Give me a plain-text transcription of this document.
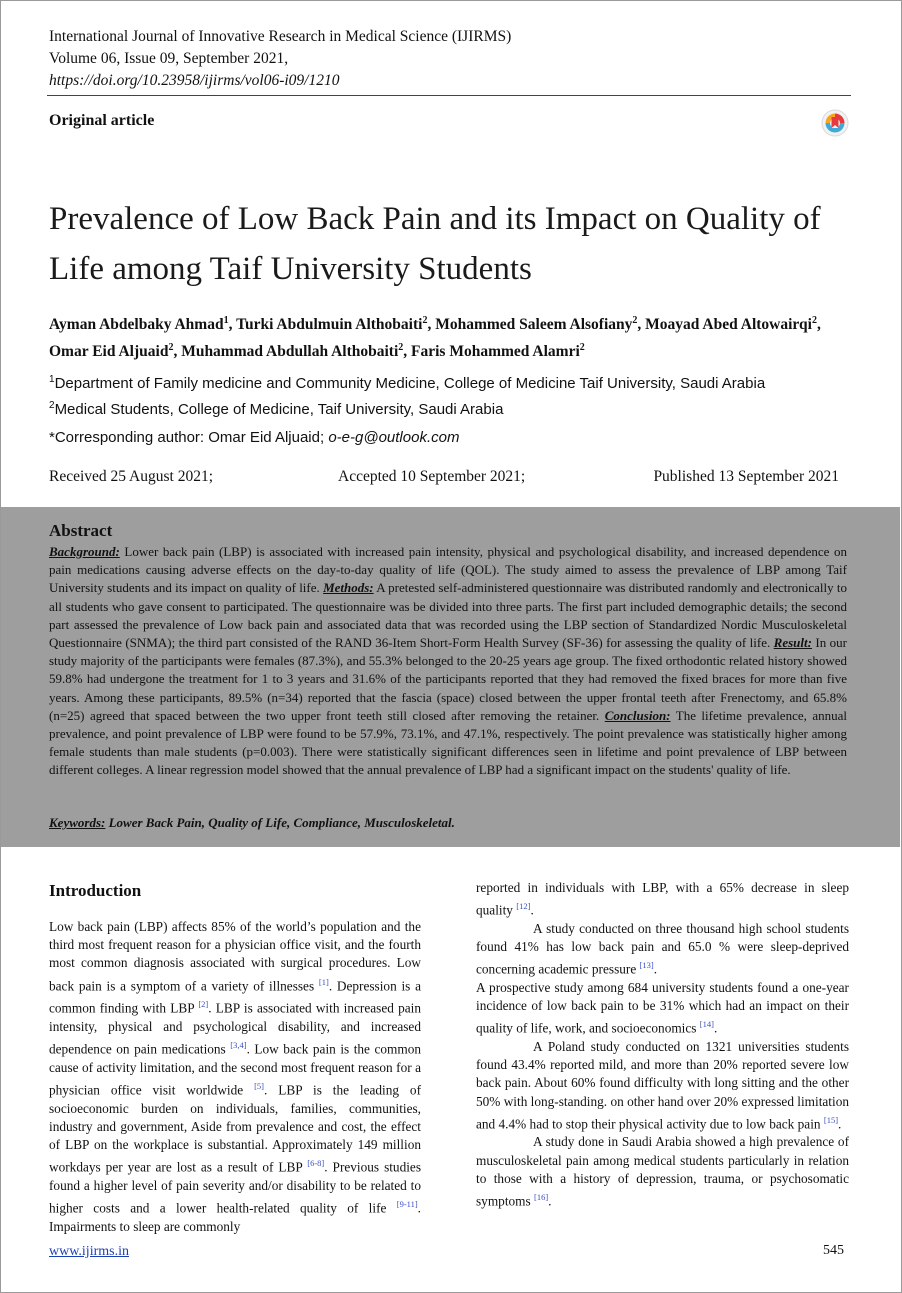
International Journal of Innovative Research in Medical Science (IJIRMS)
Volume 06, Issue 09, September 2021,
https://doi.org/10.23958/ijirms/vol06-i09/1210
Original article
Prevalence of Low Back Pain and its Impact on Quality of Life among Taif University Students
Ayman Abdelbaky Ahmad$^1$, Turki Abdulmuin Althobaiti$^2$, Mohammed Saleem Alsofiany$^2$, Moayad Abed Altowairqi$^2$, Omar Eid Aljuaid$^2$, Muhammad Abdullah Althobaiti$^2$, Faris Mohammed Alamri$^2$
$^1$Department of Family medicine and Community Medicine, College of Medicine Taif University, Saudi Arabia
$^2$Medical Students, College of Medicine, Taif University, Saudi Arabia
*Corresponding author: Omar Eid Aljuaid; o-e-g@outlook.com
Received 25 August 2021;	Accepted 10 September 2021;	Published 13 September 2021
Abstract
Background: Lower back pain (LBP) is associated with increased pain intensity, physical and psychological disability, and increased dependence on pain medications causing adverse effects on the day-to-day quality of life (QOL). The study aimed to assess the prevalence of LBP among Taif University students and its impact on quality of life. Methods: A pretested self-administered questionnaire was distributed randomly and electronically to all students who gave consent to participated. The questionnaire was be divided into three parts. The first part included demographic details; the second part assessed the prevalence of Low back pain and associated data that was recorded using the LBP section of Standardized Nordic Musculoskeletal Questionnaire (SNMA); the third part consisted of the RAND 36-Item Short-Form Health Survey (SF-36) for assessing the quality of life. Result: In our study majority of the participants were females (87.3%), and 55.3% belonged to the 20-25 years age group. The fixed orthodontic related history showed 59.8% had undergone the treatment for 1 to 3 years and 31.6% of the participants reported that they had removed the fixed braces for more than five years. Among these participants, 89.5% (n=34) reported that the fascia (space) closed between the upper frontal teeth after Frenectomy, and 65.8% (n=25) agreed that spaced between the two upper front teeth still closed after removing the retainer. Conclusion: The lifetime prevalence, annual prevalence, and point prevalence of LBP were found to be 57.9%, 73.1%, and 47.1%, respectively. The point prevalence was statistically higher among female students than male students (p=0.003). There were statistically significant differences seen in lifetime and point prevalence of LBP between different colleges. A linear regression model showed that the annual prevalence of LBP had a significant impact on the students' quality of life.
Keywords: Lower Back Pain, Quality of Life, Compliance, Musculoskeletal.
Introduction

Low back pain (LBP) affects 85% of the world’s population and the third most frequent reason for a physician office visit, and the fourth most common diagnosis associated with surgical procedures. Low back pain is a symptom of a variety of illnesses [1]. Depression is a common finding with LBP [2]. LBP is associated with increased pain intensity, physical and psychological disability, and increased dependence on pain medications [3,4]. Low back pain is the common cause of activity limitation, and the second most frequent reason for a physician office visit worldwide [5]. LBP is the leading of socioeconomic burden on individuals, families, communities, industry and government, Aside from prevalence and cost, the effect of LBP on the workplace is substantial. Approximately 149 million workdays per year are lost as a result of LBP [6-8]. Previous studies found a higher level of pain severity and/or disability to be related to higher costs and a lower health-related quality of life [9-11]. Impairments to sleep are commonly

reported in individuals with LBP, with a 65% decrease in sleep quality [12].

A study conducted on three thousand high school students found 41% has low back pain and 65.0 % were sleep-deprived concerning academic pressure [13].

A prospective study among 684 university students found a one-year incidence of low back pain to be 31% which had an impact on their quality of life, work, and socioeconomics [14].

A Poland study conducted on 1321 universities students found 43.4% reported mild, and more than 20% reported severe low back pain. About 60% found difficulty with long sitting and the other 50% with long-standing. on other hand over 20% expressed limitation and 4.4% had to stop their physical activity due to low back pain [15].

A study done in Saudi Arabia showed a high prevalence of musculoskeletal pain among medical students particularly in relation to those with a history of depression, trauma, or psychosomatic symptoms [16].

www.ijirms.in	545
